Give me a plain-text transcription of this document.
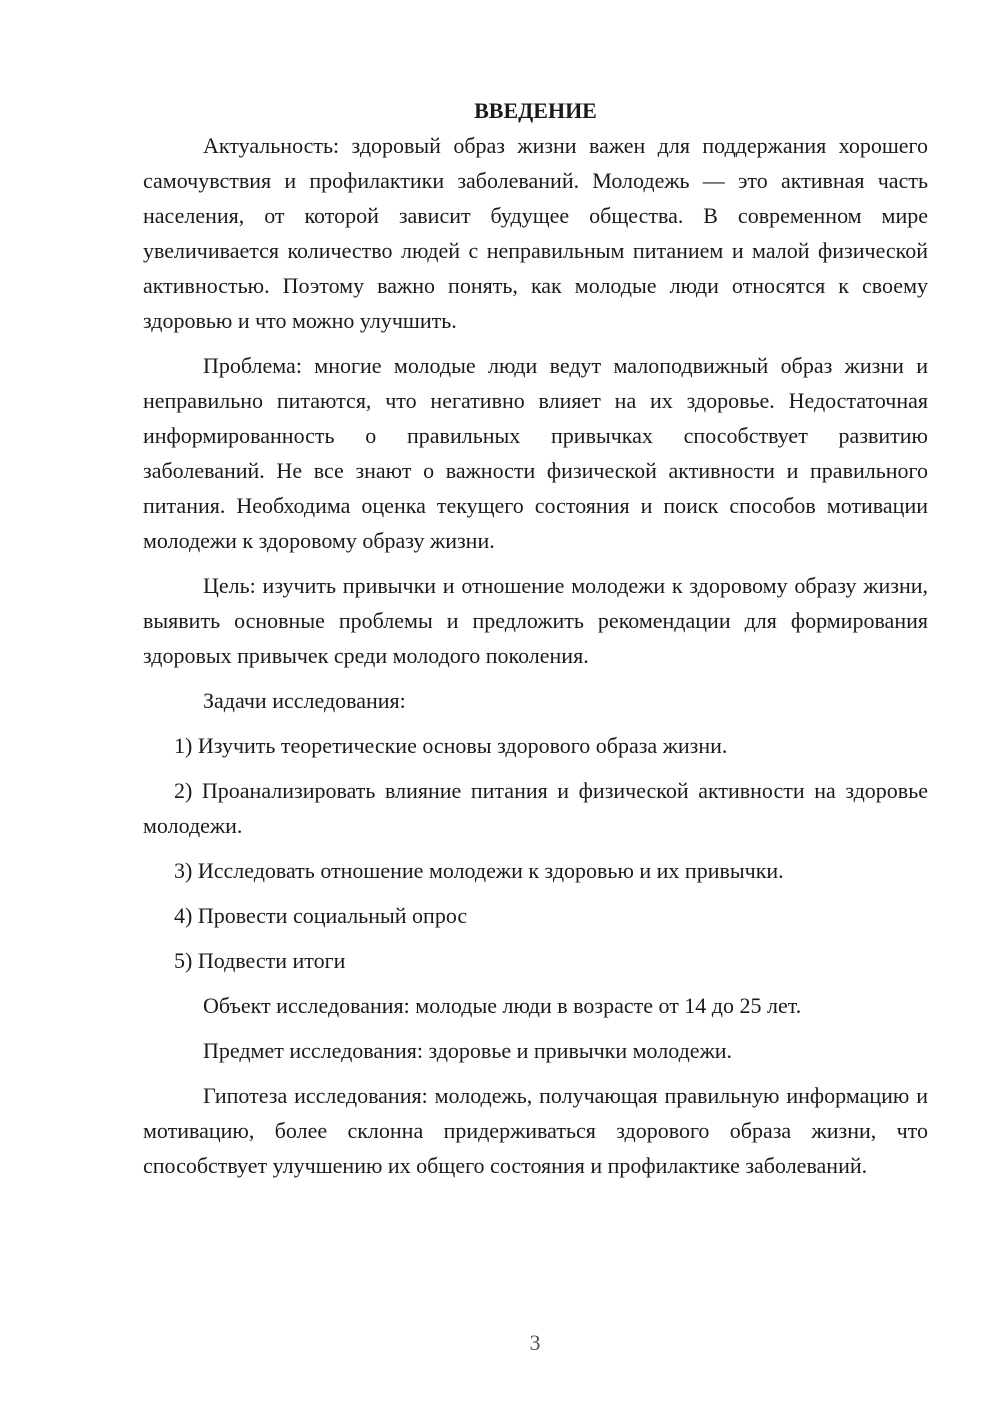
ВВЕДЕНИЕ

Актуальность: здоровый образ жизни важен для поддержания хорошего самочувствия и профилактики заболеваний. Молодежь — это активная часть населения, от которой зависит будущее общества. В современном мире увеличивается количество людей с неправильным питанием и малой физической активностью. Поэтому важно понять, как молодые люди относятся к своему здоровью и что можно улучшить.

Проблема: многие молодые люди ведут малоподвижный образ жизни и неправильно питаются, что негативно влияет на их здоровье. Недостаточная информированность о правильных привычках способствует развитию заболеваний. Не все знают о важности физической активности и правильного питания. Необходима оценка текущего состояния и поиск способов мотивации молодежи к здоровому образу жизни.

Цель: изучить привычки и отношение молодежи к здоровому образу жизни, выявить основные проблемы и предложить рекомендации для формирования здоровых привычек среди молодого поколения.

Задачи исследования:

1) Изучить теоретические основы здорового образа жизни.

2) Проанализировать влияние питания и физической активности на здоровье молодежи.

3) Исследовать отношение молодежи к здоровью и их привычки.

4) Провести социальный опрос

5) Подвести итоги

Объект исследования: молодые люди в возрасте от 14 до 25 лет.

Предмет исследования: здоровье и привычки молодежи.

Гипотеза исследования: молодежь, получающая правильную информацию и мотивацию, более склонна придерживаться здорового образа жизни, что способствует улучшению их общего состояния и профилактике заболеваний.

3
